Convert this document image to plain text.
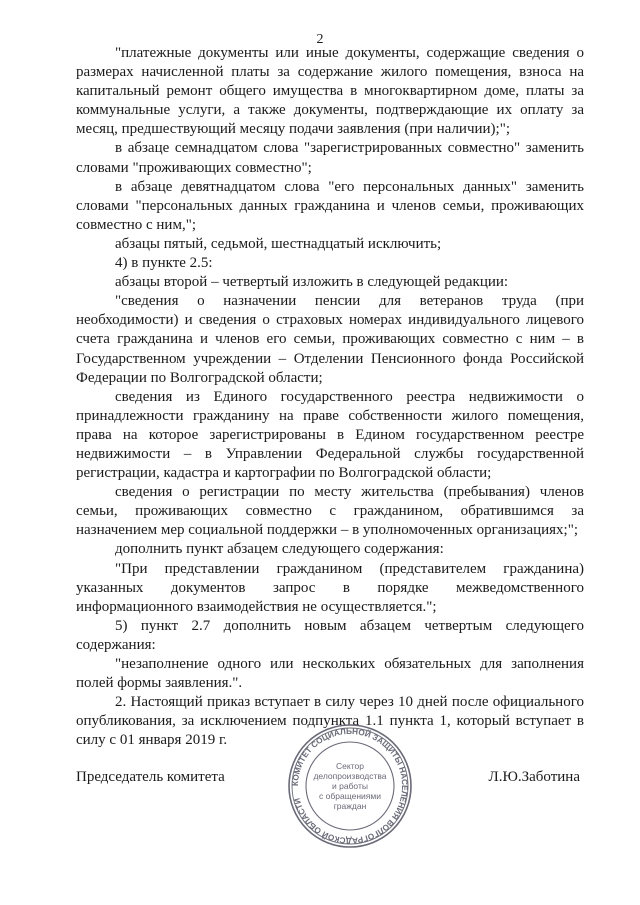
2

"платежные документы или иные документы, содержащие сведения о размерах начисленной платы за содержание жилого помещения, взноса на капитальный ремонт общего имущества в многоквартирном доме, платы за коммунальные услуги, а также документы, подтверждающие их оплату за месяц, предшествующий месяцу подачи заявления (при наличии);";

в абзаце семнадцатом слова "зарегистрированных совместно" заменить словами "проживающих совместно";

в абзаце девятнадцатом слова "его персональных данных" заменить словами "персональных данных гражданина и членов семьи, проживающих совместно с ним,";

абзацы пятый, седьмой, шестнадцатый исключить;

4) в пункте 2.5:

абзацы второй – четвертый изложить в следующей редакции:

"сведения о назначении пенсии для ветеранов труда (при необходимости) и сведения о страховых номерах индивидуального лицевого счета гражданина и членов его семьи, проживающих совместно с ним – в Государственном учреждении – Отделении Пенсионного фонда Российской Федерации по Волгоградской области;

сведения из Единого государственного реестра недвижимости о принадлежности гражданину на праве собственности жилого помещения, права на которое зарегистрированы в Едином государственном реестре недвижимости – в Управлении Федеральной службы государственной регистрации, кадастра и картографии по Волгоградской области;

сведения о регистрации по месту жительства (пребывания) членов семьи, проживающих совместно с гражданином, обратившимся за назначением мер социальной поддержки – в уполномоченных организациях;";

дополнить пункт абзацем следующего содержания:

"При представлении гражданином (представителем гражданина) указанных документов запрос в порядке межведомственного информационного взаимодействия не осуществляется.";

5) пункт 2.7 дополнить новым абзацем четвертым следующего содержания:

"незаполнение одного или нескольких обязательных для заполнения полей формы заявления.".

2. Настоящий приказ вступает в силу через 10 дней после официального опубликования, за исключением подпункта 1.1 пункта 1, который вступает в силу с 01 января 2019 г.

Председатель комитета	Л.Ю.Заботина
КОМИТЕТ СОЦИАЛЬНОЙ ЗАЩИТЫ НАСЕЛЕНИЯ ВОЛГОГРАДСКОЙ ОБЛАСТИ
Сектор
делопроизводства
и работы
с обращениями
граждан
